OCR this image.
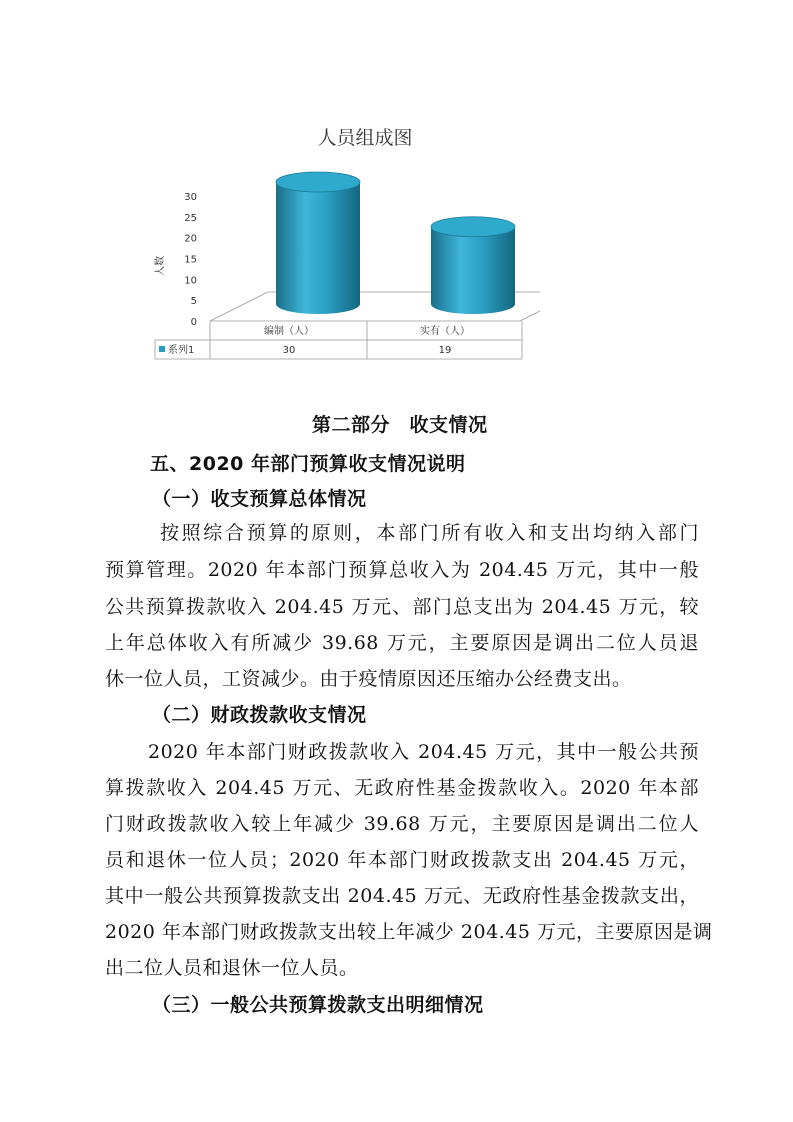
人员组成图
人数
30
25
20
15
10
5
0
编制（人）	实有（人）
30	19
系列1
第二部分　收支情况
五、2020 年部门预算收支情况说明
（一）收支预算总体情况
按照综合预算的原则，本部门所有收入和支出均纳入部门
预算管理。2020 年本部门预算总收入为 204.45 万元，其中一般
公共预算拨款收入 204.45 万元、部门总支出为 204.45 万元，较
上年总体收入有所减少 39.68 万元，主要原因是调出二位人员退
休一位人员，工资减少。由于疫情原因还压缩办公经费支出。
（二）财政拨款收支情况
2020 年本部门财政拨款收入 204.45 万元，其中一般公共预
算拨款收入 204.45 万元、无政府性基金拨款收入。2020 年本部
门财政拨款收入较上年减少 39.68 万元，主要原因是调出二位人
员和退休一位人员；2020 年本部门财政拨款支出 204.45 万元，
其中一般公共预算拨款支出 204.45 万元、无政府性基金拨款支出，
2020 年本部门财政拨款支出较上年减少 204.45 万元，主要原因是调
出二位人员和退休一位人员。
（三）一般公共预算拨款支出明细情况
